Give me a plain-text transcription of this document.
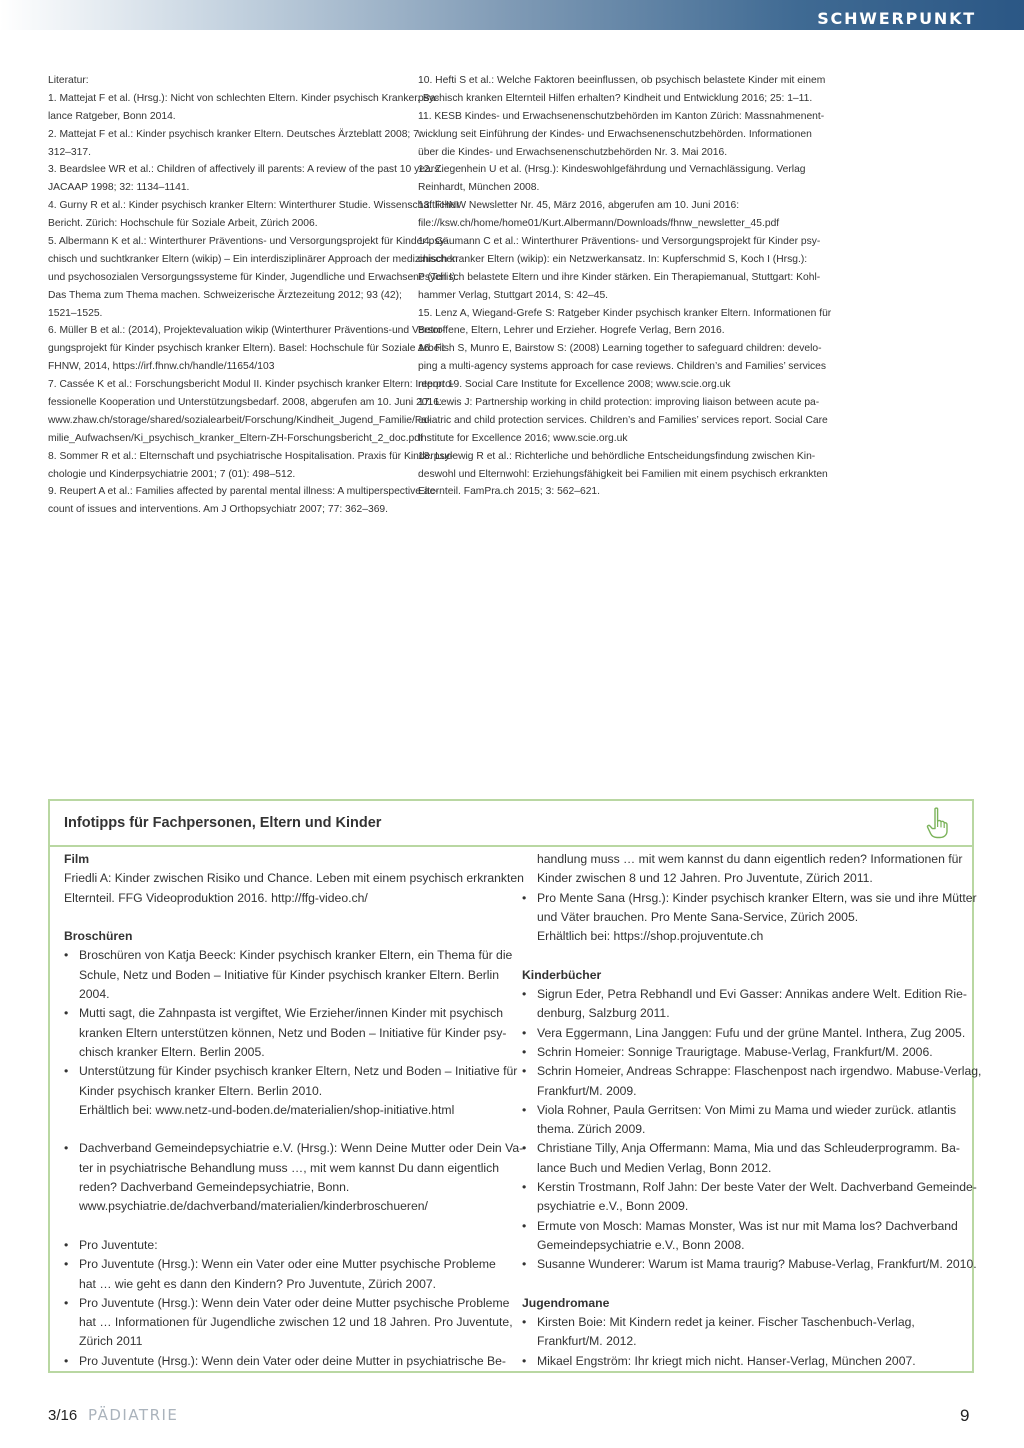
SCHWERPUNKT
Literatur:
1. Mattejat F et al. (Hrsg.): Nicht von schlechten Eltern. Kinder psychisch Kranker. Ba-
lance Ratgeber, Bonn 2014.
2. Mattejat F et al.: Kinder psychisch kranker Eltern. Deutsches Ärzteblatt 2008; 7:
312–317.
3. Beardslee WR et al.: Children of affectively ill parents: A review of the past 10 years.
JACAAP 1998; 32: 1134–1141.
4. Gurny R et al.: Kinder psychisch kranker Eltern: Winterthurer Studie. Wissenschaftlicher
Bericht. Zürich: Hochschule für Soziale Arbeit, Zürich 2006.
5. Albermann K et al.: Winterthurer Präventions- und Versorgungsprojekt für Kinder psy-
chisch und suchtkranker Eltern (wikip) – Ein interdisziplinärer Approach der medizinischen
und psychosozialen Versorgungssysteme für Kinder, Jugendliche und Erwachsene (Teil I).
Das Thema zum Thema machen. Schweizerische Ärztezeitung 2012; 93 (42);
1521–1525.
6. Müller B et al.: (2014), Projektevaluation wikip (Winterthurer Präventions-und Versor-
gungsprojekt für Kinder psychisch kranker Eltern). Basel: Hochschule für Soziale Arbeit
FHNW, 2014, https://irf.fhnw.ch/handle/11654/103
7. Cassée K et al.: Forschungsbericht Modul II. Kinder psychisch kranker Eltern: Interpro-
fessionelle Kooperation und Unterstützungsbedarf. 2008, abgerufen am 10. Juni 2016:
www.zhaw.ch/storage/shared/sozialearbeit/Forschung/Kindheit_Jugend_Familie/Fa-
milie_Aufwachsen/Ki_psychisch_kranker_Eltern-ZH-Forschungsbericht_2_doc.pdf
8. Sommer R et al.: Elternschaft und psychiatrische Hospitalisation. Praxis für Kinderpsy-
chologie und Kinderpsychiatrie 2001; 7 (01): 498–512.
9. Reupert A et al.: Families affected by parental mental illness: A multiperspective ac-
count of issues and interventions. Am J Orthopsychiatr 2007; 77: 362–369.
10. Hefti S et al.: Welche Faktoren beeinflussen, ob psychisch belastete Kinder mit einem
psychisch kranken Elternteil Hilfen erhalten? Kindheit und Entwicklung 2016; 25: 1–11.
11. KESB Kindes- und Erwachsenenschutzbehörden im Kanton Zürich: Massnahmenent-
wicklung seit Einführung der Kindes- und Erwachsenenschutzbehörden. Informationen
über die Kindes- und Erwachsenenschutzbehörden Nr. 3. Mai 2016.
12. Ziegenhein U et al. (Hrsg.): Kindeswohlgefährdung und Vernachlässigung. Verlag
Reinhardt, München 2008.
13. FHNW Newsletter Nr. 45, März 2016, abgerufen am 10. Juni 2016:
file://ksw.ch/home/home01/Kurt.Albermann/Downloads/fhnw_newsletter_45.pdf
14. Gäumann C et al.: Winterthurer Präventions- und Versorgungsprojekt für Kinder psy-
chisch kranker Eltern (wikip): ein Netzwerkansatz. In: Kupferschmid S, Koch I (Hrsg.):
Psychisch belastete Eltern und ihre Kinder stärken. Ein Therapiemanual, Stuttgart: Kohl-
hammer Verlag, Stuttgart 2014, S: 42–45.
15. Lenz A, Wiegand-Grefe S: Ratgeber Kinder psychisch kranker Eltern. Informationen für
Betroffene, Eltern, Lehrer und Erzieher. Hogrefe Verlag, Bern 2016.
16. Fish S, Munro E, Bairstow S: (2008) Learning together to safeguard children: develo-
ping a multi-agency systems approach for case reviews. Children’s and Families’ services
report 19. Social Care Institute for Excellence 2008; www.scie.org.uk
17. Lewis J: Partnership working in child protection: improving liaison between acute pa-
ediatric and child protection services. Children’s and Families’ services report. Social Care
Institute for Excellence 2016; www.scie.org.uk
18. Ludewig R et al.: Richterliche und behördliche Entscheidungsfindung zwischen Kin-
deswohl und Elternwohl: Erziehungsfähigkeit bei Familien mit einem psychisch erkrankten
Elternteil. FamPra.ch 2015; 3: 562–621.
Infotipps für Fachpersonen, Eltern und Kinder
Film
Friedli A: Kinder zwischen Risiko und Chance. Leben mit einem psychisch erkrankten
Elternteil. FFG Videoproduktion 2016. http://ffg-video.ch/
Broschüren
• Broschüren von Katja Beeck: Kinder psychisch kranker Eltern, ein Thema für die
Schule, Netz und Boden – Initiative für Kinder psychisch kranker Eltern. Berlin
2004.
• Mutti sagt, die Zahnpasta ist vergiftet, Wie Erzieher/innen Kinder mit psychisch
kranken Eltern unterstützen können, Netz und Boden – Initiative für Kinder psy-
chisch kranker Eltern. Berlin 2005.
• Unterstützung für Kinder psychisch kranker Eltern, Netz und Boden – Initiative für
Kinder psychisch kranker Eltern. Berlin 2010.
Erhältlich bei: www.netz-und-boden.de/materialien/shop-initiative.html
• Dachverband Gemeindepsychiatrie e.V. (Hrsg.): Wenn Deine Mutter oder Dein Va-
ter in psychiatrische Behandlung muss …, mit wem kannst Du dann eigentlich
reden? Dachverband Gemeindepsychiatrie, Bonn.
www.psychiatrie.de/dachverband/materialien/kinderbroschueren/
• Pro Juventute:
• Pro Juventute (Hrsg.): Wenn ein Vater oder eine Mutter psychische Probleme
hat … wie geht es dann den Kindern? Pro Juventute, Zürich 2007.
• Pro Juventute (Hrsg.): Wenn dein Vater oder deine Mutter psychische Probleme
hat … Informationen für Jugendliche zwischen 12 und 18 Jahren. Pro Juventute,
Zürich 2011
• Pro Juventute (Hrsg.): Wenn dein Vater oder deine Mutter in psychiatrische Be-
handlung muss … mit wem kannst du dann eigentlich reden? Informationen für
Kinder zwischen 8 und 12 Jahren. Pro Juventute, Zürich 2011.
• Pro Mente Sana (Hrsg.): Kinder psychisch kranker Eltern, was sie und ihre Mütter
und Väter brauchen. Pro Mente Sana-Service, Zürich 2005.
Erhältlich bei: https://shop.projuventute.ch
Kinderbücher
• Sigrun Eder, Petra Rebhandl und Evi Gasser: Annikas andere Welt. Edition Rie-
denburg, Salzburg 2011.
• Vera Eggermann, Lina Janggen: Fufu und der grüne Mantel. Inthera, Zug 2005.
• Schrin Homeier: Sonnige Traurigtage. Mabuse-Verlag, Frankfurt/M. 2006.
• Schrin Homeier, Andreas Schrappe: Flaschenpost nach irgendwo. Mabuse-Verlag,
Frankfurt/M. 2009.
• Viola Rohner, Paula Gerritsen: Von Mimi zu Mama und wieder zurück. atlantis
thema. Zürich 2009.
• Christiane Tilly, Anja Offermann: Mama, Mia und das Schleuderprogramm. Ba-
lance Buch und Medien Verlag, Bonn 2012.
• Kerstin Trostmann, Rolf Jahn: Der beste Vater der Welt. Dachverband Gemeinde-
psychiatrie e.V., Bonn 2009.
• Ermute von Mosch: Mamas Monster, Was ist nur mit Mama los? Dachverband
Gemeindepsychiatrie e.V., Bonn 2008.
• Susanne Wunderer: Warum ist Mama traurig? Mabuse-Verlag, Frankfurt/M. 2010.
Jugendromane
• Kirsten Boie: Mit Kindern redet ja keiner. Fischer Taschenbuch-Verlag,
Frankfurt/M. 2012.
• Mikael Engström: Ihr kriegt mich nicht. Hanser-Verlag, München 2007.
3/16 PÄDIATRIE	9
